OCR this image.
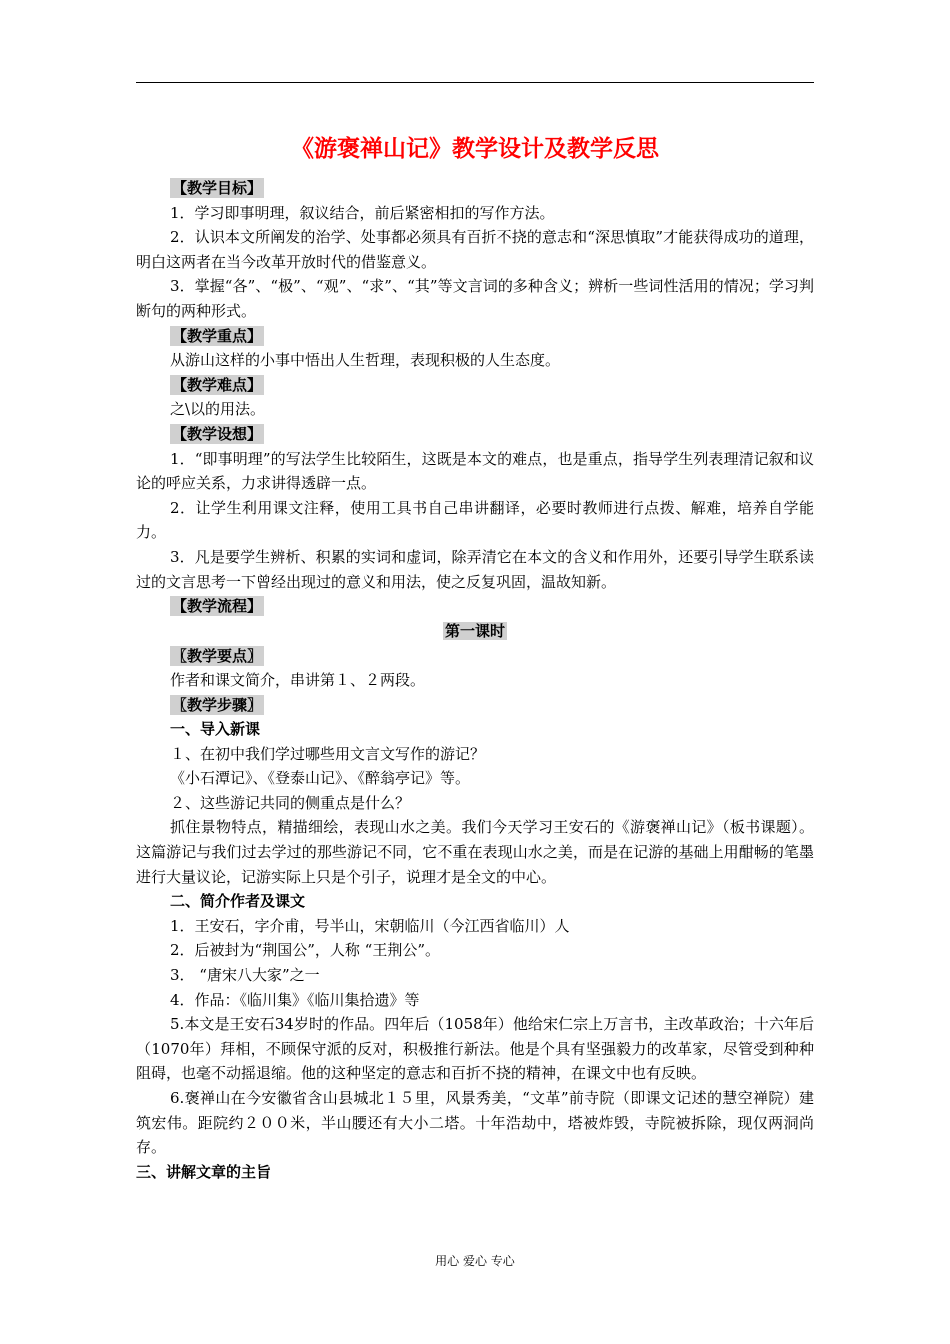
《游褒禅山记》教学设计及教学反思
【教学目标】

1．学习即事明理，叙议结合，前后紧密相扣的写作方法。

2．认识本文所阐发的治学、处事都必须具有百折不挠的意志和“深思慎取”才能获得成功的道理，明白这两者在当今改革开放时代的借鉴意义。

3．掌握“各”、“极”、“观”、“求”、“其”等文言词的多种含义；辨析一些词性活用的情况；学习判断句的两种形式。

【教学重点】

从游山这样的小事中悟出人生哲理，表现积极的人生态度。

【教学难点】

之\以的用法。

【教学设想】

1．“即事明理”的写法学生比较陌生，这既是本文的难点，也是重点，指导学生列表理清记叙和议论的呼应关系，力求讲得透辟一点。

2．让学生利用课文注释，使用工具书自己串讲翻译，必要时教师进行点拨、解难，培养自学能力。

3．凡是要学生辨析、积累的实词和虚词，除弄清它在本文的含义和作用外，还要引导学生联系读过的文言思考一下曾经出现过的意义和用法，使之反复巩固，温故知新。

【教学流程】

第一课时

〖教学要点〗

作者和课文简介，串讲第１、２两段。

〖教学步骤〗

一、导入新课

１、在初中我们学过哪些用文言文写作的游记？

《小石潭记》、《登泰山记》、《醉翁亭记》等。

２、这些游记共同的侧重点是什么？

抓住景物特点，精描细绘，表现山水之美。我们今天学习王安石的《游褒禅山记》（板书课题）。这篇游记与我们过去学过的那些游记不同，它不重在表现山水之美，而是在记游的基础上用酣畅的笔墨进行大量议论，记游实际上只是个引子，说理才是全文的中心。

二、简介作者及课文

1．王安石，字介甫，号半山，宋朝临川（今江西省临川）人

2．后被封为“荆国公”，人称 “王荆公”。

3． “唐宋八大家”之一

4．作品：《临川集》《临川集拾遗》等

5.本文是王安石34岁时的作品。四年后（1058年）他给宋仁宗上万言书，主改革政治；十六年后（1070年）拜相，不顾保守派的反对，积极推行新法。他是个具有坚强毅力的改革家，尽管受到种种阻碍，也毫不动摇退缩。他的这种坚定的意志和百折不挠的精神，在课文中也有反映。

6.褒禅山在今安徽省含山县城北１５里，风景秀美，“文革”前寺院（即课文记述的慧空禅院）建筑宏伟。距院约２００米，半山腰还有大小二塔。十年浩劫中，塔被炸毁，寺院被拆除，现仅两洞尚存。

三、讲解文章的主旨

用心 爱心 专心
